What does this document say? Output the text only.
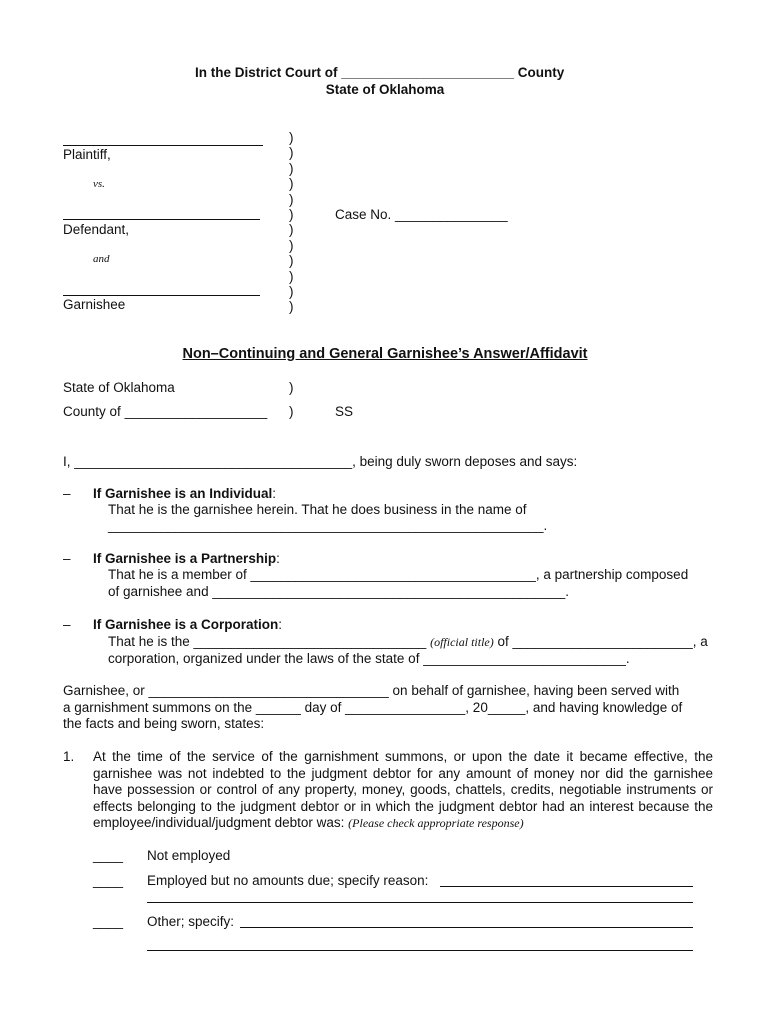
In the District Court of _______________________ County
State of Oklahoma
Plaintiff,
vs.
Defendant,
and
Garnishee
)
)
)
)
)
)
)
)
)
)
)
)
Case No. _______________
Non–Continuing and General Garnishee’s Answer/Affidavit
State of Oklahoma	)
County of ___________________ )	SS
I, _____________________________________, being duly sworn deposes and says:
– If Garnishee is an Individual:
That he is the garnishee herein. That he does business in the name of
__________________________________________________________.
– If Garnishee is a Partnership:
That he is a member of ______________________________________, a partnership composed
of garnishee and _______________________________________________.
– If Garnishee is a Corporation:
That he is the _______________________________ (official title) of ________________________, a
corporation, organized under the laws of the state of ___________________________.
Garnishee, or ________________________________ on behalf of garnishee, having been served with
a garnishment summons on the ______ day of ________________, 20_____, and having knowledge of
the facts and being sworn, states:
1. At the time of the service of the garnishment summons, or upon the date it became effective, the garnishee was not indebted to the judgment debtor for any amount of money nor did the garnishee have possession or control of any property, money, goods, chattels, credits, negotiable instruments or effects belonging to the judgment debtor or in which the judgment debtor had an interest because the employee/individual/judgment debtor was: (Please check appropriate response)
____ Not employed
____ Employed but no amounts due; specify reason:
____ Other; specify:
